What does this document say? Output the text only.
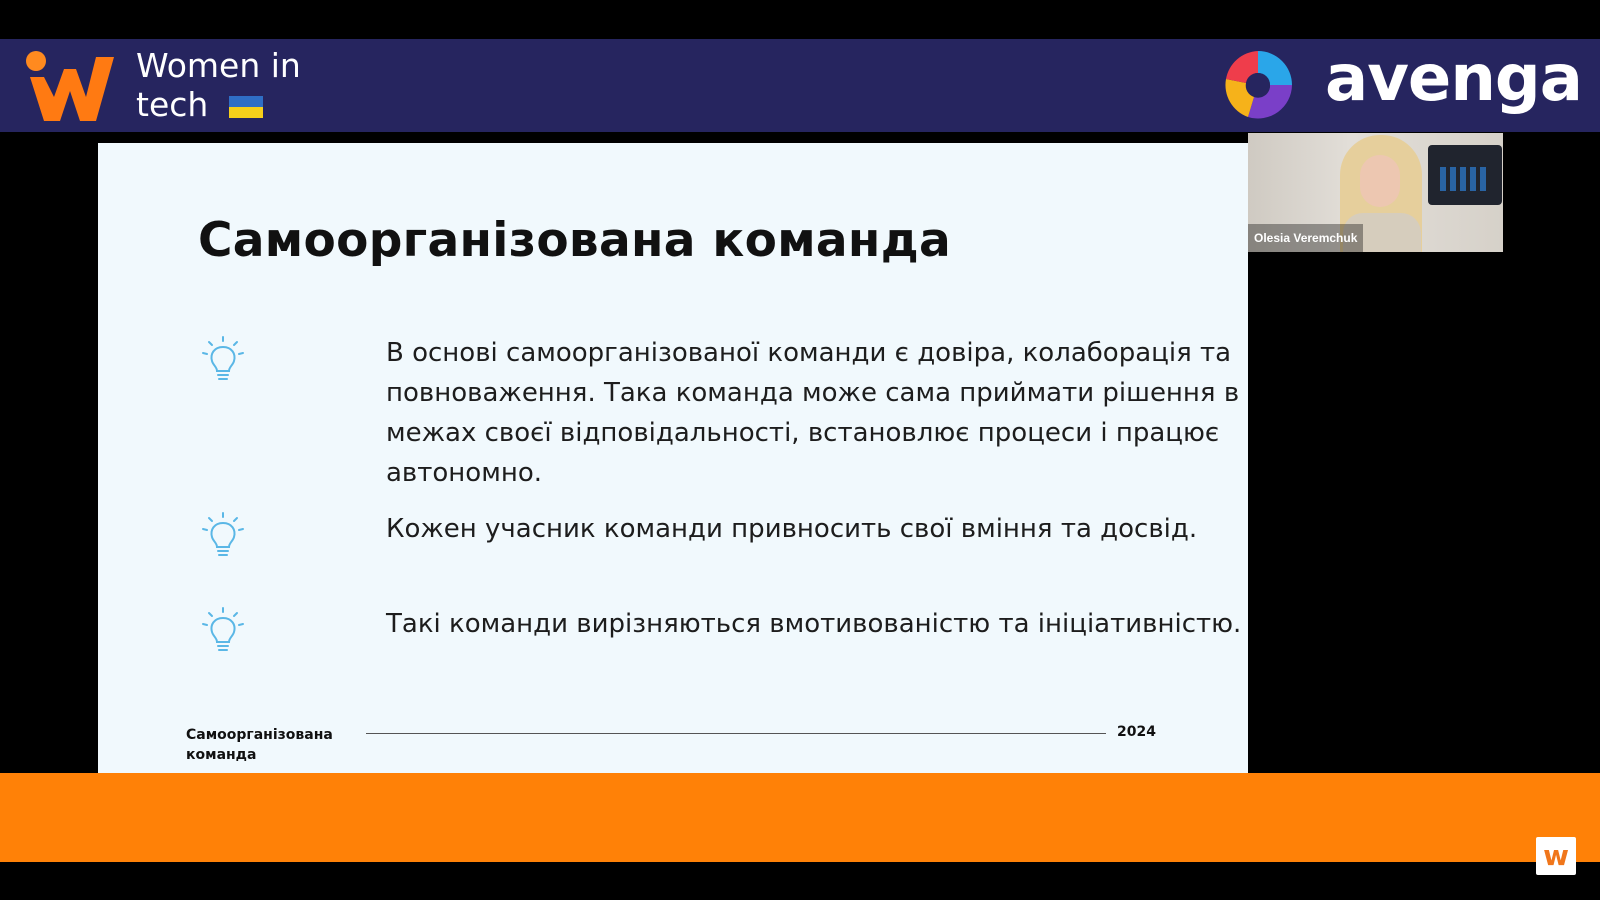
Women in
tech	avenga
Самоорганізована команда
В основі самоорганізованої команди є довіра, колаборація та повноваження. Така команда може сама приймати рішення в межах своєї відповідальності, встановлює процеси і працює автономно.
Кожен учасник команди привносить свої вміння та досвід.
Такі команди вирізняються вмотивованістю та ініціативністю.
Самоорганізована команда
2024
Olesia Veremchuk
w
